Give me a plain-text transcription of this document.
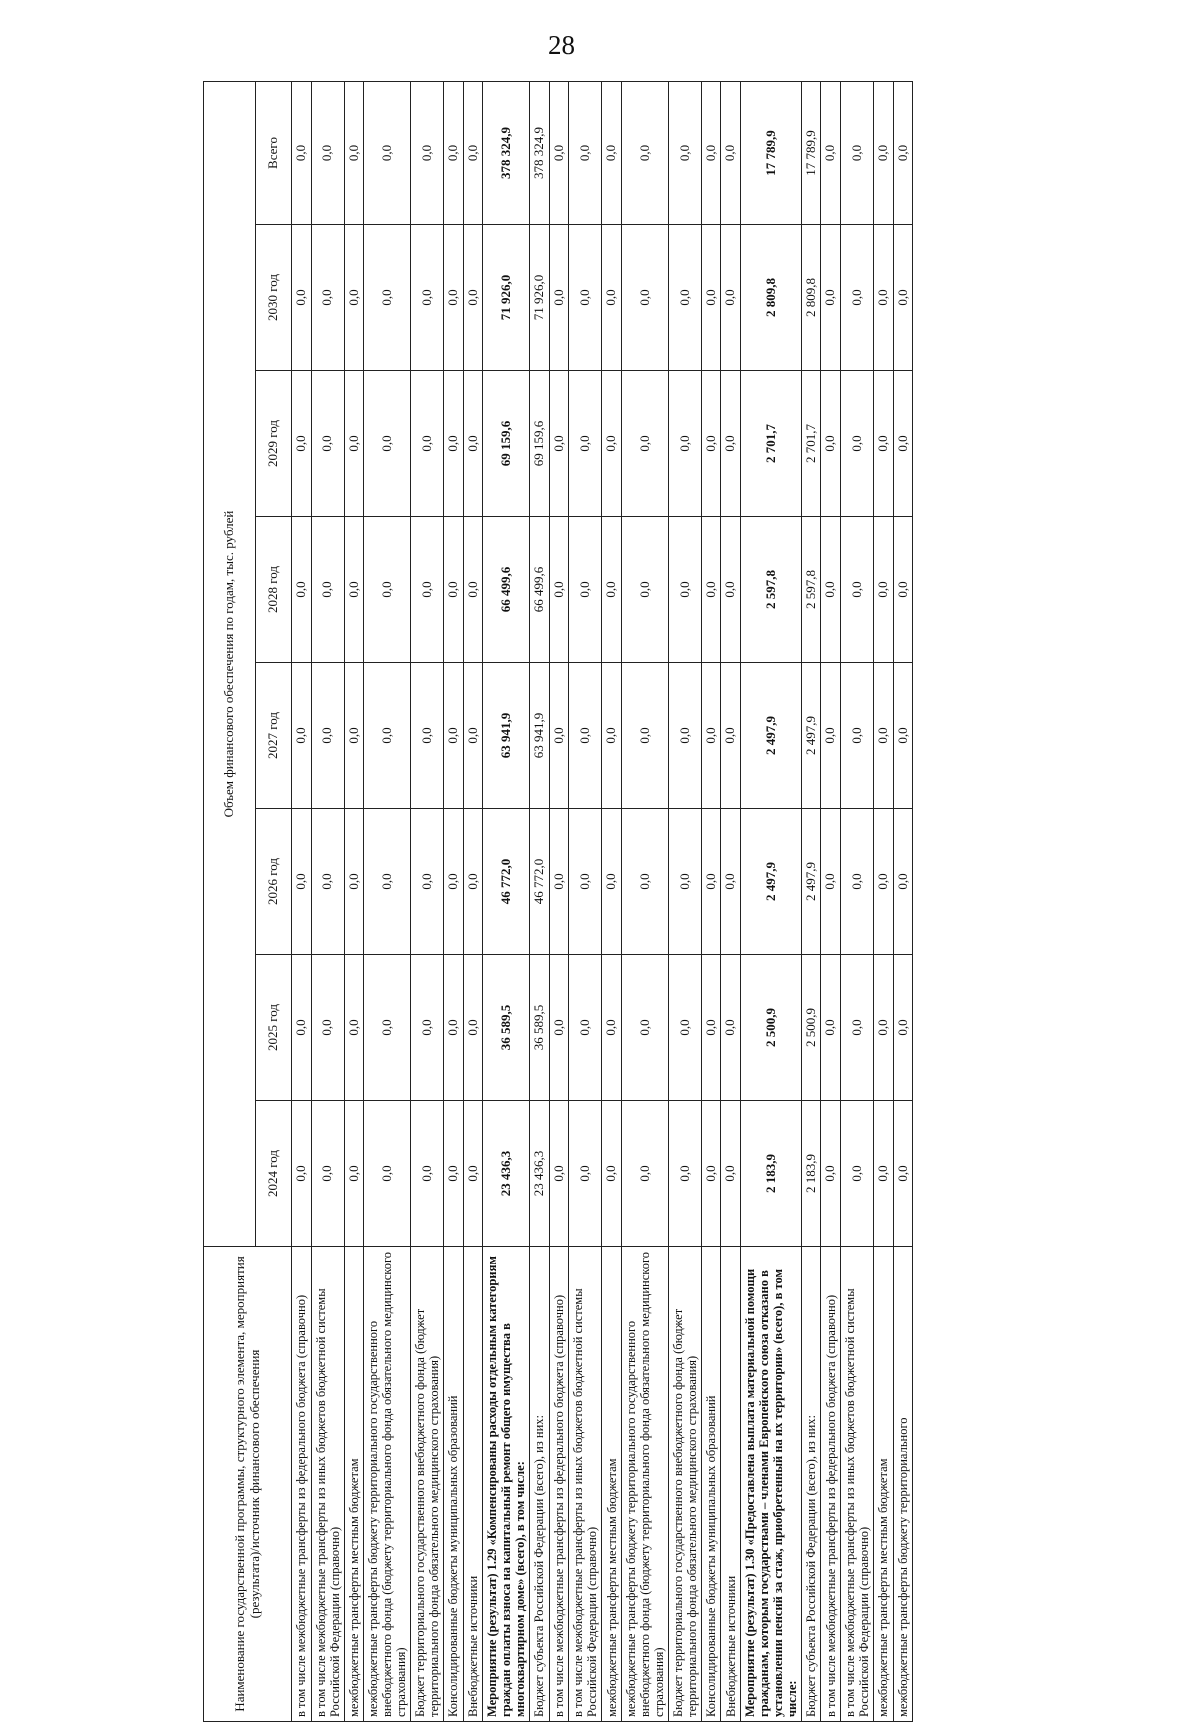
28
Наименование государственной программы, структурного элемента, мероприятия (результата)/источник финансового обеспечения	Объем финансового обеспечения по годам, тыс. рублей							
	2024 год	2025 год	2026 год	2027 год	2028 год	2029 год	2030 год	Всего
в том числе межбюджетные трансферты из федерального бюджета (справочно)	0,0	0,0	0,0	0,0	0,0	0,0	0,0	0,0
в том числе межбюджетные трансферты из иных бюджетов бюджетной системы Российской Федерации (справочно)	0,0	0,0	0,0	0,0	0,0	0,0	0,0	0,0
межбюджетные трансферты местным бюджетам	0,0	0,0	0,0	0,0	0,0	0,0	0,0	0,0
межбюджетные трансферты бюджету территориального государственного внебюджетного фонда (бюджету территориального фонда обязательного медицинского страхования)	0,0	0,0	0,0	0,0	0,0	0,0	0,0	0,0
Бюджет территориального государственного внебюджетного фонда (бюджет территориального фонда обязательного медицинского страхования)	0,0	0,0	0,0	0,0	0,0	0,0	0,0	0,0
Консолидированные бюджеты муниципальных образований	0,0	0,0	0,0	0,0	0,0	0,0	0,0	0,0
Внебюджетные источники	0,0	0,0	0,0	0,0	0,0	0,0	0,0	0,0
Мероприятие (результат) 1.29 «Компенсированы расходы отдельным категориям граждан оплаты взноса на капитальный ремонт общего имущества в многоквартирном доме» (всего), в том числе:	23 436,3	36 589,5	46 772,0	63 941,9	66 499,6	69 159,6	71 926,0	378 324,9
Бюджет субъекта Российской Федерации (всего), из них:	23 436,3	36 589,5	46 772,0	63 941,9	66 499,6	69 159,6	71 926,0	378 324,9
в том числе межбюджетные трансферты из федерального бюджета (справочно)	0,0	0,0	0,0	0,0	0,0	0,0	0,0	0,0
в том числе межбюджетные трансферты из иных бюджетов бюджетной системы Российской Федерации (справочно)	0,0	0,0	0,0	0,0	0,0	0,0	0,0	0,0
межбюджетные трансферты местным бюджетам	0,0	0,0	0,0	0,0	0,0	0,0	0,0	0,0
межбюджетные трансферты бюджету территориального государственного внебюджетного фонда (бюджету территориального фонда обязательного медицинского страхования)	0,0	0,0	0,0	0,0	0,0	0,0	0,0	0,0
Бюджет территориального государственного внебюджетного фонда (бюджет территориального фонда обязательного медицинского страхования)	0,0	0,0	0,0	0,0	0,0	0,0	0,0	0,0
Консолидированные бюджеты муниципальных образований	0,0	0,0	0,0	0,0	0,0	0,0	0,0	0,0
Внебюджетные источники	0,0	0,0	0,0	0,0	0,0	0,0	0,0	0,0
Мероприятие (результат) 1.30 «Предоставлена выплата материальной помощи гражданам, которым государствами – членами Европейского союза отказано в установлении пенсий за стаж, приобретенный на их территории» (всего), в том числе:	2 183,9	2 500,9	2 497,9	2 497,9	2 597,8	2 701,7	2 809,8	17 789,9
Бюджет субъекта Российской Федерации (всего), из них:	2 183,9	2 500,9	2 497,9	2 497,9	2 597,8	2 701,7	2 809,8	17 789,9
в том числе межбюджетные трансферты из федерального бюджета (справочно)	0,0	0,0	0,0	0,0	0,0	0,0	0,0	0,0
в том числе межбюджетные трансферты из иных бюджетов бюджетной системы Российской Федерации (справочно)	0,0	0,0	0,0	0,0	0,0	0,0	0,0	0,0
межбюджетные трансферты местным бюджетам	0,0	0,0	0,0	0,0	0,0	0,0	0,0	0,0
межбюджетные трансферты бюджету территориального	0,0	0,0	0,0	0,0	0,0	0,0	0,0	0,0
